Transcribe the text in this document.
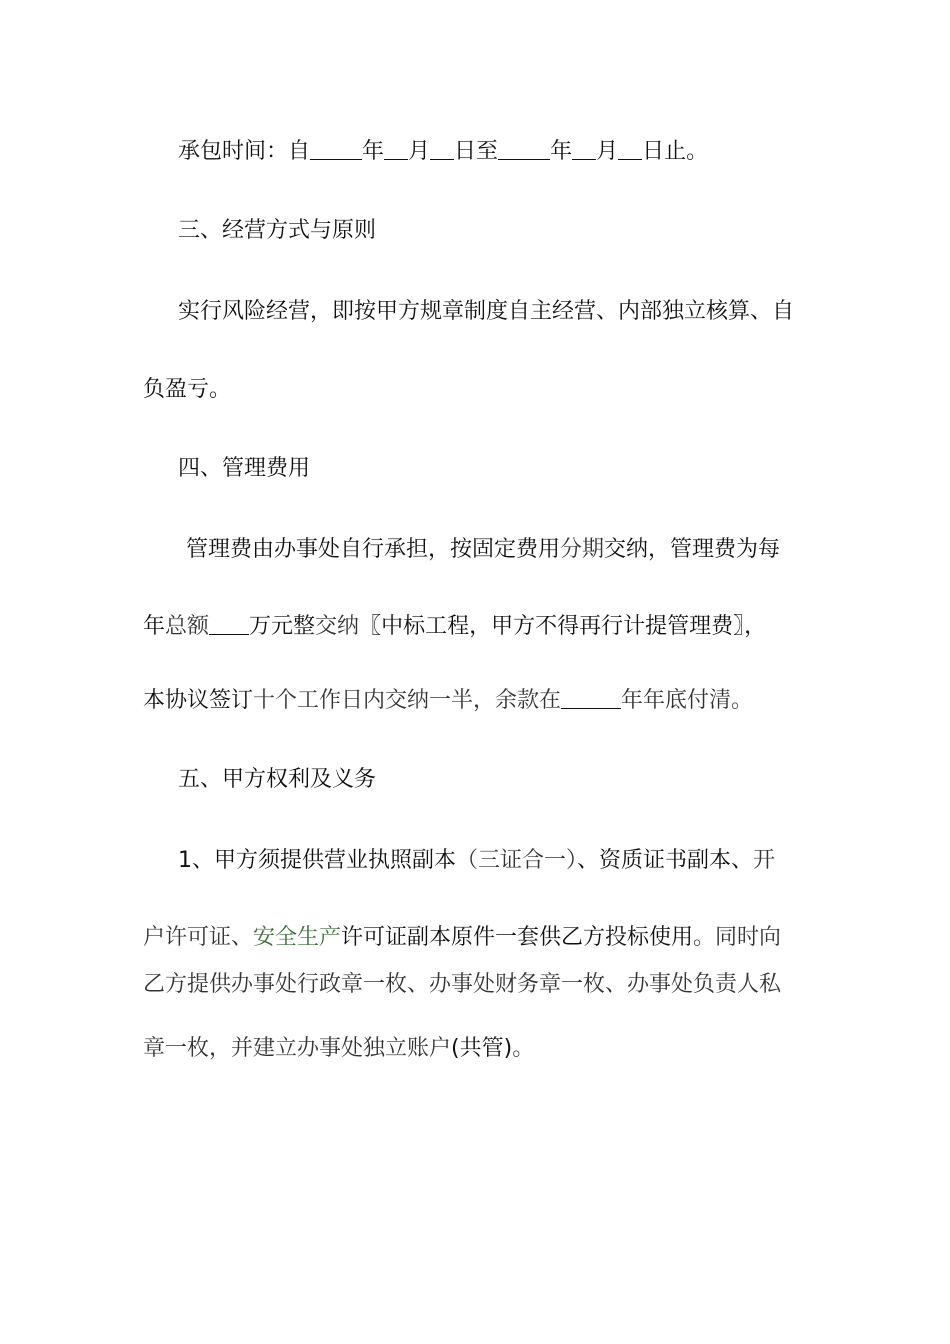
承包时间：自 年 月 日至 年 月 日止。
三、经营方式与原则
实行风险经营，即按甲方规章制度自主经营、内部独立核算、自
负盈亏。
四、管理费用
管理费由办事处自行承担，按固定费用分期交纳，管理费为每
年总额 万元整交纳〖中标工程，甲方不得再行计提管理费〗，
本协议签订十个工作日内交纳一半，余款在	年年底付清。
五、甲方权利及义务
1、甲方须提供营业执照副本（三证合一）、资质证书副本、开
户许可证、安全生产许可证副本原件一套供乙方投标使用。同时向
乙方提供办事处行政章一枚、办事处财务章一枚、办事处负责人私
章一枚，并建立办事处独立账户(共管)。
